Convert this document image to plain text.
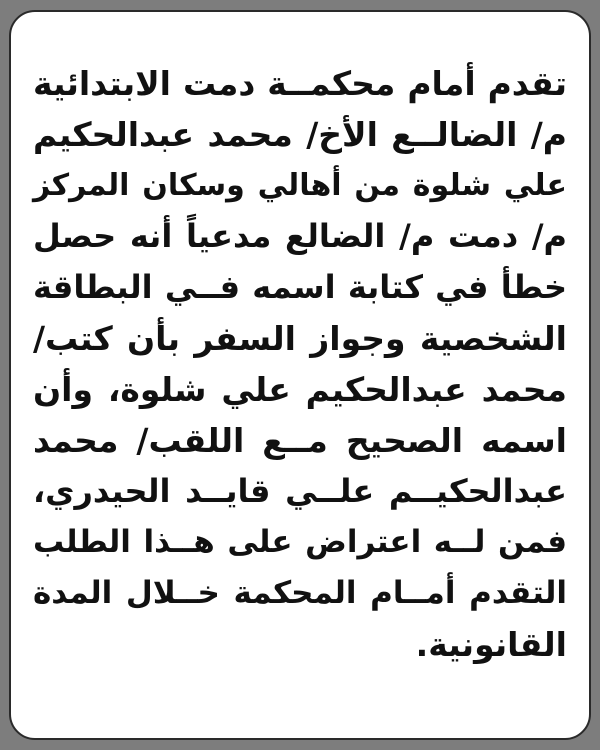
تقدم أمام محكمــة دمت الابتدائية
م/ الضالــع الأخ/ محمد عبدالحكيم
علي شلوة من أهالي وسكان المركز
م/ دمت م/ الضالع مدعياً أنه حصل
خطأ في كتابة اسمه فــي البطاقة
الشخصية وجواز السفر بأن كتب/
محمد عبدالحكيم علي شلوة، وأن
اسمه الصحيح مــع اللقب/ محمد
عبدالحكيــم علــي قايــد الحيدري،
فمن لــه اعتراض على هــذا الطلب
التقدم أمــام المحكمة خــلال المدة
القانونية.
